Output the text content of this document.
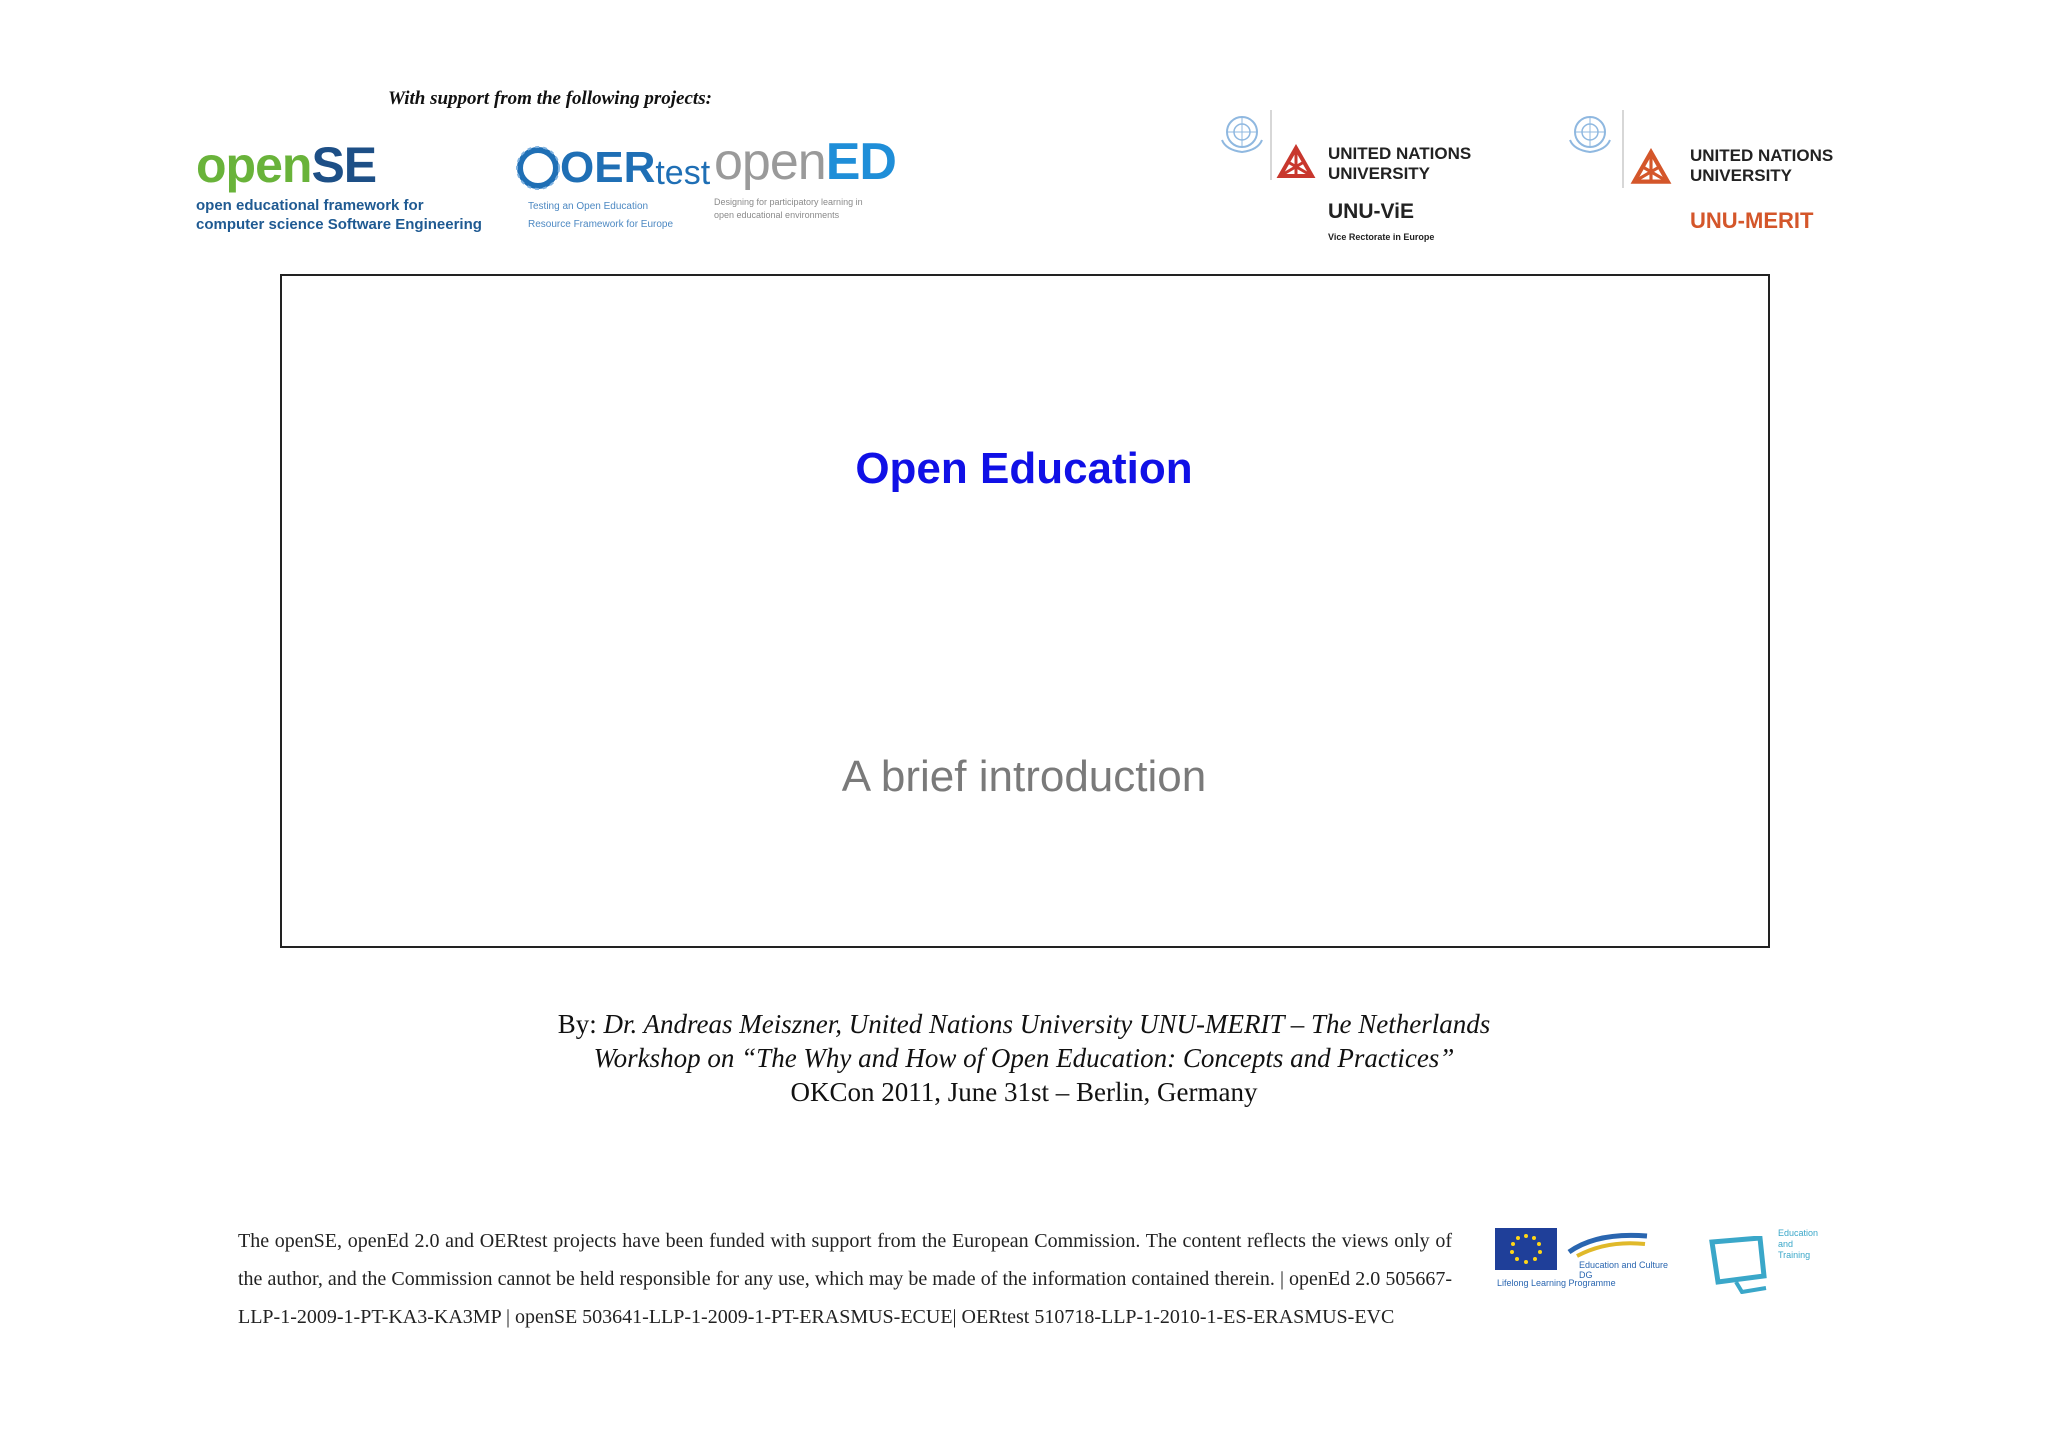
With support from the following projects:
openSE
open educational framework for
computer science Software Engineering
OER test
Testing an Open Education
Resource Framework for Europe
openED
Designing for participatory learning in
open educational environments
UNITED NATIONS
UNIVERSITY
UNU-ViE
Vice Rectorate in Europe
UNITED NATIONS
UNIVERSITY
UNU-MERIT
Open Education
A brief introduction
By: Dr. Andreas Meiszner, United Nations University UNU-MERIT – The Netherlands
Workshop on “The Why and How of Open Education: Concepts and Practices”
OKCon 2011, June 31st – Berlin, Germany
The openSE, openEd 2.0 and OERtest projects have been funded with support from the European Commission. The content reflects the views only of the author, and the Commission cannot be held responsible for any use, which may be made of the information contained therein. | openEd 2.0 505667-LLP-1-2009-1-PT-KA3-KA3MP | openSE 503641-LLP-1-2009-1-PT-ERASMUS-ECUE| OERtest 510718-LLP-1-2010-1-ES-ERASMUS-EVC
Education and Culture DG
Lifelong Learning Programme
Education
and
Training
